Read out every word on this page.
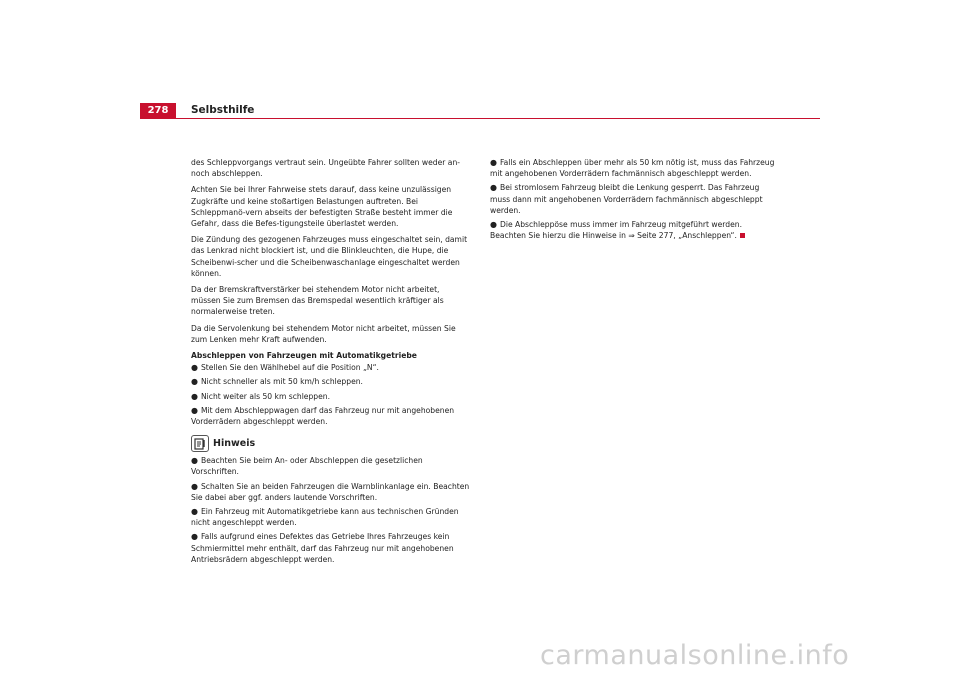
278	Selbsthilfe

des Schleppvorgangs vertraut sein. Ungeübte Fahrer sollten weder an- noch abschleppen.

Achten Sie bei Ihrer Fahrweise stets darauf, dass keine unzulässigen Zugkräfte und keine stoßartigen Belastungen auftreten. Bei Schleppmanö-vern abseits der befestigten Straße besteht immer die Gefahr, dass die Befes-tigungsteile überlastet werden.

Die Zündung des gezogenen Fahrzeuges muss eingeschaltet sein, damit das Lenkrad nicht blockiert ist, und die Blinkleuchten, die Hupe, die Scheibenwi-scher und die Scheibenwaschanlage eingeschaltet werden können.

Da der Bremskraftverstärker bei stehendem Motor nicht arbeitet, müssen Sie zum Bremsen das Bremspedal wesentlich kräftiger als normalerweise treten.

Da die Servolenkung bei stehendem Motor nicht arbeitet, müssen Sie zum Lenken mehr Kraft aufwenden.

Abschleppen von Fahrzeugen mit Automatikgetriebe

● Stellen Sie den Wählhebel auf die Position „N“.
● Nicht schneller als mit 50 km/h schleppen.
● Nicht weiter als 50 km schleppen.
● Mit dem Abschleppwagen darf das Fahrzeug nur mit angehobenen Vorderrädern abgeschleppt werden.
Hinweis
● Beachten Sie beim An- oder Abschleppen die gesetzlichen Vorschriften.
● Schalten Sie an beiden Fahrzeugen die Warnblinkanlage ein. Beachten Sie dabei aber ggf. anders lautende Vorschriften.
● Ein Fahrzeug mit Automatikgetriebe kann aus technischen Gründen nicht angeschleppt werden.
● Falls aufgrund eines Defektes das Getriebe Ihres Fahrzeuges kein Schmiermittel mehr enthält, darf das Fahrzeug nur mit angehobenen Antriebsrädern abgeschleppt werden.
● Falls ein Abschleppen über mehr als 50 km nötig ist, muss das Fahrzeug mit angehobenen Vorderrädern fachmännisch abgeschleppt werden.
● Bei stromlosem Fahrzeug bleibt die Lenkung gesperrt. Das Fahrzeug muss dann mit angehobenen Vorderrädern fachmännisch abgeschleppt werden.
● Die Abschleppöse muss immer im Fahrzeug mitgeführt werden. Beachten Sie hierzu die Hinweise in ⇒ Seite 277, „Anschleppen“.
carmanualsonline.info
